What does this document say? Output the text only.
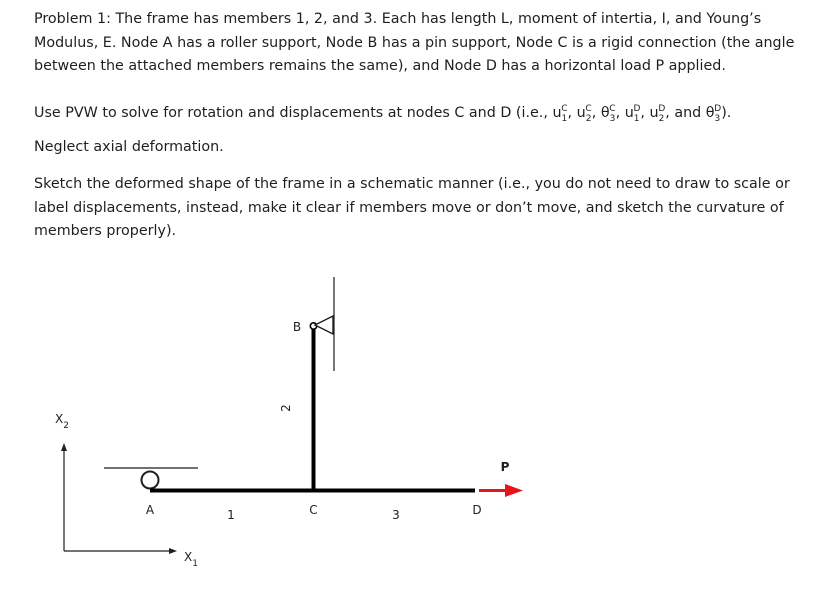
Problem 1: The frame has members 1, 2, and 3. Each has length L, moment of intertia, I, and Young’s Modulus, E. Node A has a roller support, Node B has a pin support, Node C is a rigid connection (the angle between the attached members remains the same), and Node D has a horizontal load P applied.

Use PVW to solve for rotation and displacements at nodes C and D (i.e., $u_1^C$, $u_2^C$, $\theta_3^C$, $u_1^D$, $u_2^D$, and $\theta_3^D$).

Neglect axial deformation.

Sketch the deformed shape of the frame in a schematic manner (i.e., you do not need to draw to scale or label displacements, instead, make it clear if members move or don’t move, and sketch the curvature of members properly).

$X_2$
$X_1$
P
A
B
C	D
1
2
3
